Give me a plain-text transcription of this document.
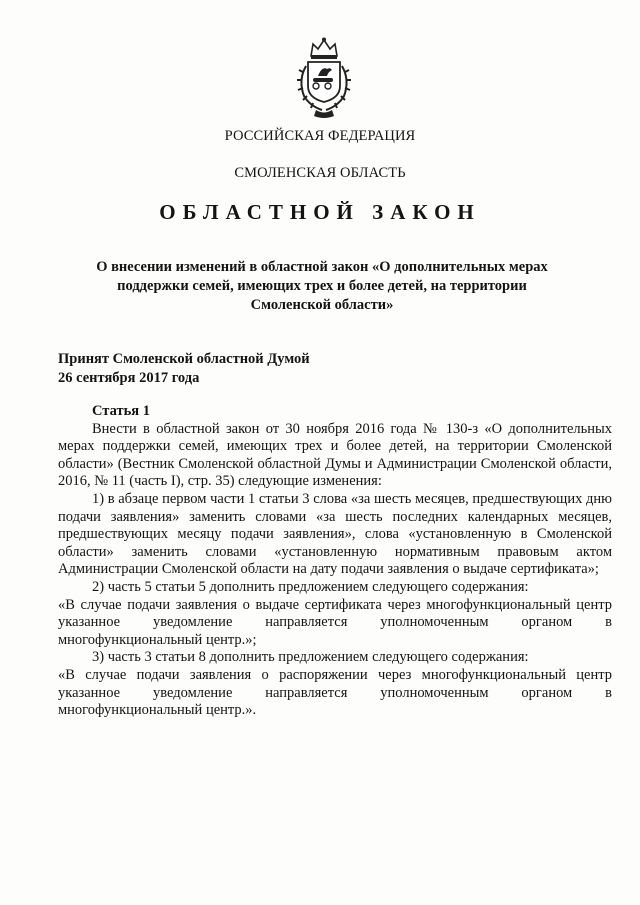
РОССИЙСКАЯ ФЕДЕРАЦИЯ
СМОЛЕНСКАЯ ОБЛАСТЬ
ОБЛАСТНОЙ ЗАКОН
О внесении изменений в областной закон «О дополнительных мерах
поддержки семей, имеющих трех и более детей, на территории
Смоленской области»
Принят Смоленской областной Думой
26 сентября 2017 года
Статья 1

Внести в областной закон от 30 ноября 2016 года № 130-з «О дополнительных мерах поддержки семей, имеющих трех и более детей, на территории Смоленской области» (Вестник Смоленской областной Думы и Администрации Смоленской области, 2016, № 11 (часть I), стр. 35) следующие изменения:

1) в абзаце первом части 1 статьи 3 слова «за шесть месяцев, предшествующих дню подачи заявления» заменить словами «за шесть последних календарных месяцев, предшествующих месяцу подачи заявления», слова «установленную в Смоленской области» заменить словами «установленную нормативным правовым актом Администрации Смоленской области на дату подачи заявления о выдаче сертификата»;

2) часть 5 статьи 5 дополнить предложением следующего содержания:

«В случае подачи заявления о выдаче сертификата через многофункциональный центр указанное уведомление направляется уполномоченным органом в многофункциональный центр.»;

3) часть 3 статьи 8 дополнить предложением следующего содержания:

«В случае подачи заявления о распоряжении через многофункциональный центр указанное уведомление направляется уполномоченным органом в многофункциональный центр.».
